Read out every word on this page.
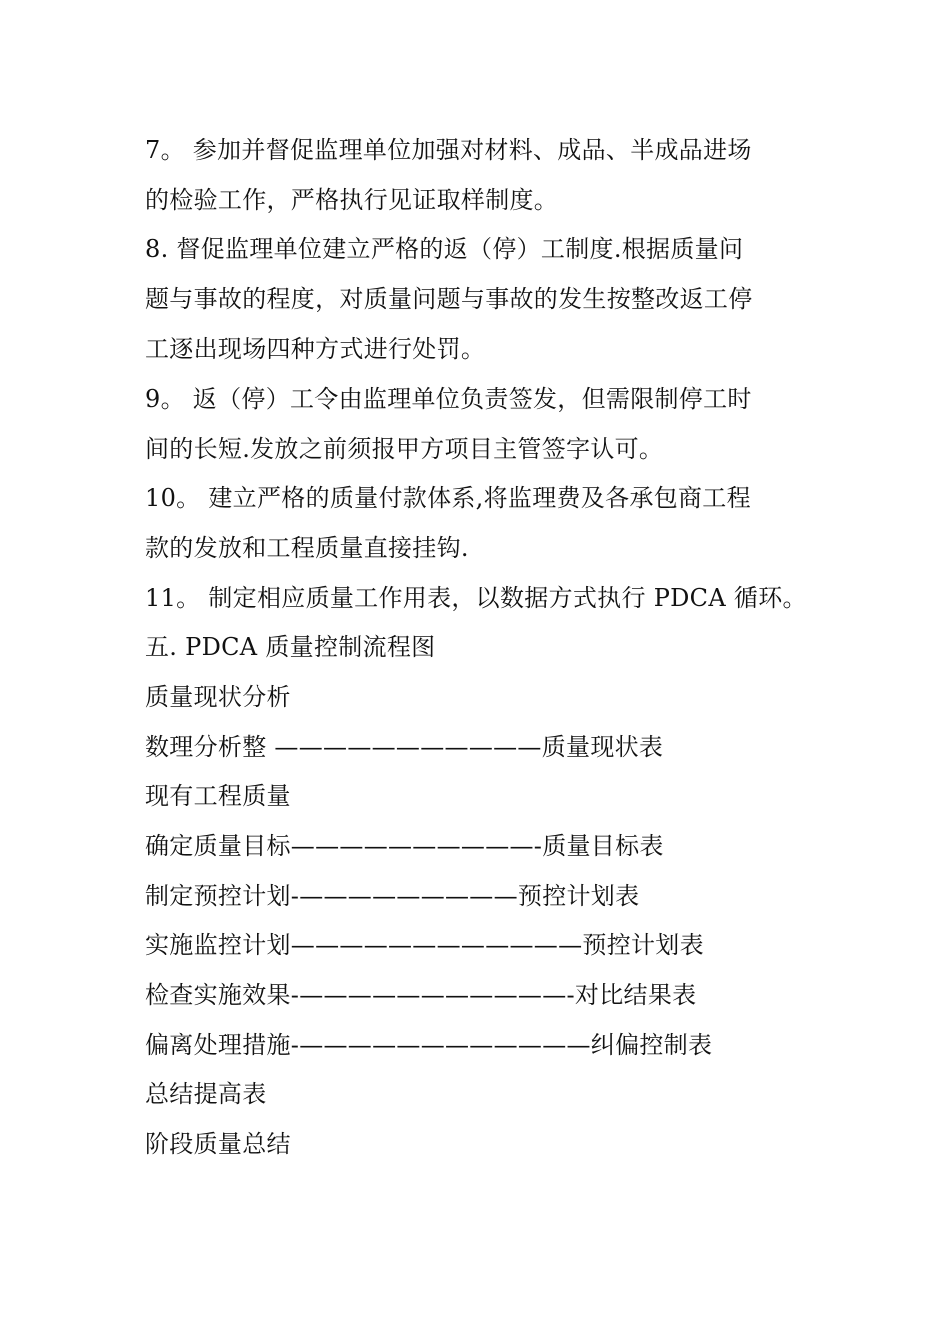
7。 参加并督促监理单位加强对材料、成品、半成品进场
的检验工作，严格执行见证取样制度。
8. 督促监理单位建立严格的返（停）工制度.根据质量问
题与事故的程度，对质量问题与事故的发生按整改返工停
工逐出现场四种方式进行处罚。
9。 返（停）工令由监理单位负责签发，但需限制停工时
间的长短.发放之前须报甲方项目主管签字认可。
10。 建立严格的质量付款体系,将监理费及各承包商工程
款的发放和工程质量直接挂钩.
11。 制定相应质量工作用表，以数据方式执行 PDCA 循环。
五. PDCA 质量控制流程图
质量现状分析
数理分析整 ———————————质量现状表
现有工程质量
确定质量目标——————————-质量目标表
制定预控计划-—————————预控计划表
实施监控计划————————————预控计划表
检查实施效果-———————————-对比结果表
偏离处理措施-————————————纠偏控制表
总结提高表
阶段质量总结
